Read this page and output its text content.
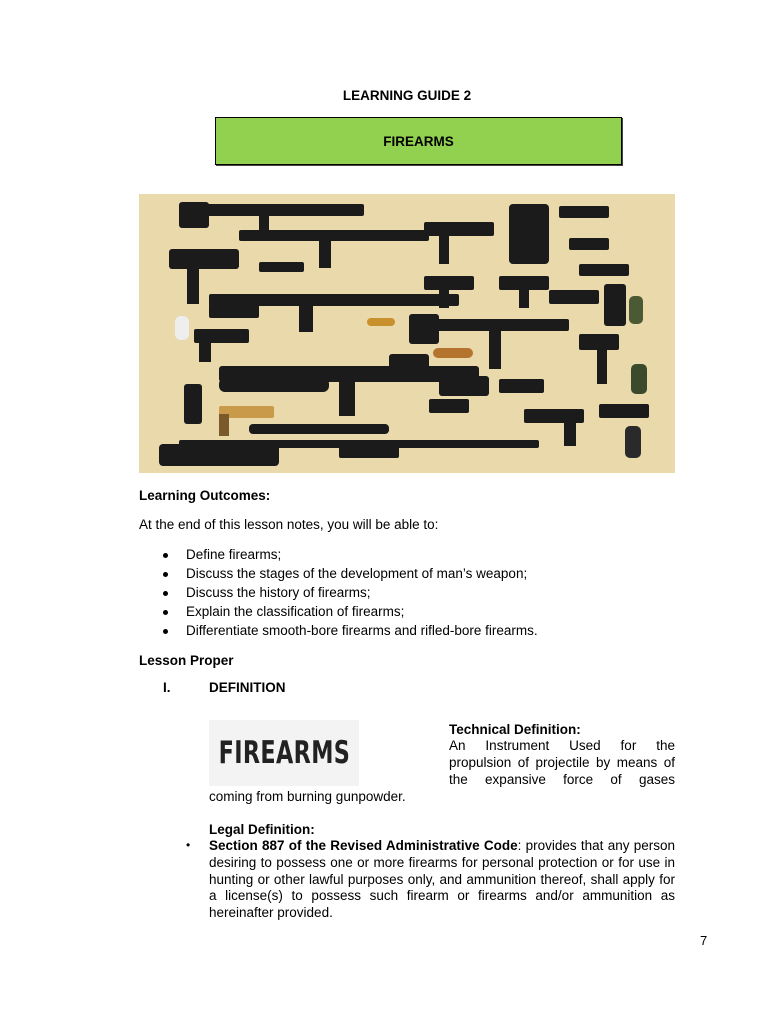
LEARNING GUIDE 2
FIREARMS
Learning Outcomes:
At the end of this lesson notes, you will be able to:
Define firearms;
Discuss the stages of the development of man’s weapon;
Discuss the history of firearms;
Explain the classification of firearms;
Differentiate smooth-bore firearms and rifled-bore firearms.
Lesson Proper
I.	DEFINITION
FIREARMS
Technical Definition:
An Instrument Used for the propulsion of projectile by means of the expansive force of gases
coming from burning gunpowder.
Legal Definition:
• Section 887 of the Revised Administrative Code: provides that any person desiring to possess one or more firearms for personal protection or for use in hunting or other lawful purposes only, and ammunition thereof, shall apply for a license(s) to possess such firearm or firearms and/or ammunition as hereinafter provided.
7
